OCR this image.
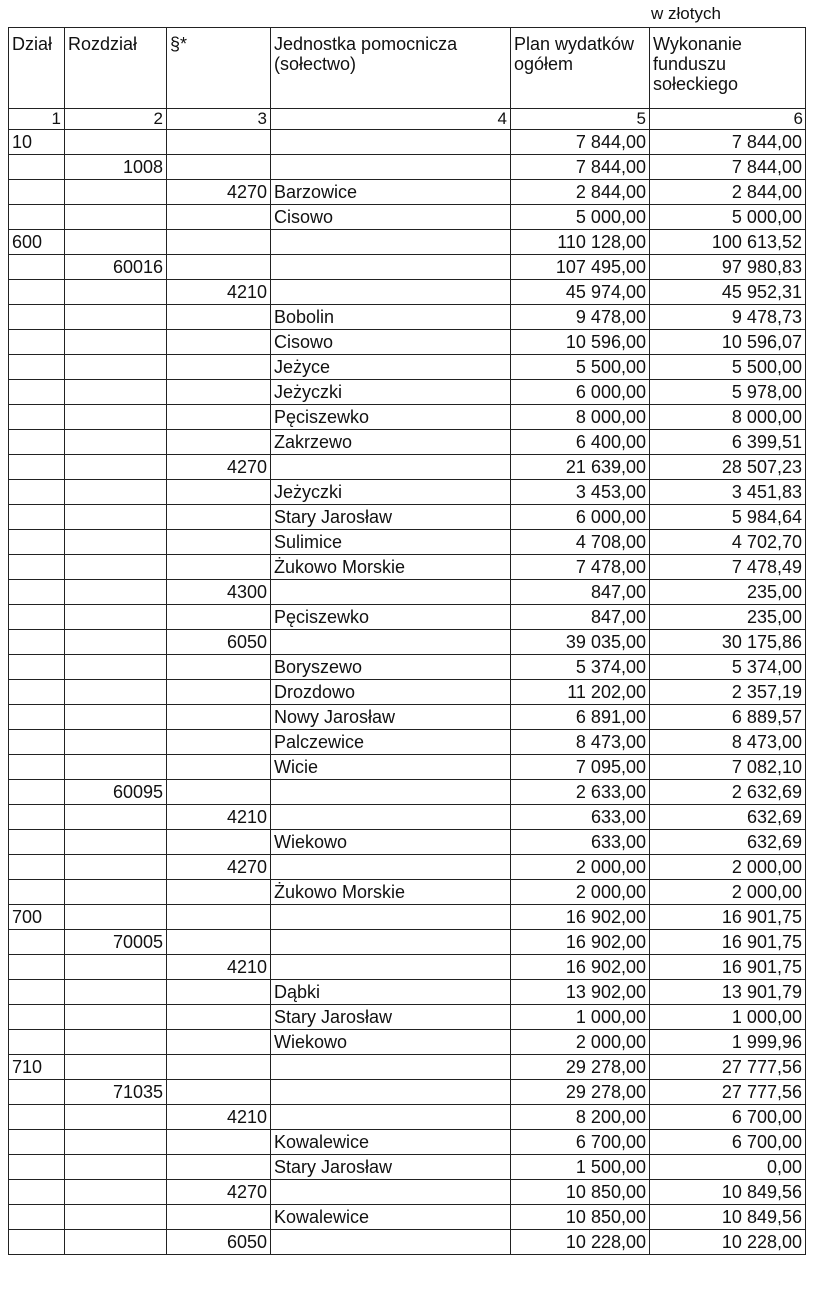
w złotych
Dział	Rozdział	§*	Jednostka pomocnicza (sołectwo)	Plan wydatków ogółem	Wykonanie funduszu sołeckiego
1	2	3	4	5	6
10				7 844,00	7 844,00
	1008			7 844,00	7 844,00
		4270	Barzowice	2 844,00	2 844,00
			Cisowo	5 000,00	5 000,00
600				110 128,00	100 613,52
	60016			107 495,00	97 980,83
		4210		45 974,00	45 952,31
			Bobolin	9 478,00	9 478,73
			Cisowo	10 596,00	10 596,07
			Jeżyce	5 500,00	5 500,00
			Jeżyczki	6 000,00	5 978,00
			Pęciszewko	8 000,00	8 000,00
			Zakrzewo	6 400,00	6 399,51
		4270		21 639,00	28 507,23
			Jeżyczki	3 453,00	3 451,83
			Stary Jarosław	6 000,00	5 984,64
			Sulimice	4 708,00	4 702,70
			Żukowo Morskie	7 478,00	7 478,49
		4300		847,00	235,00
			Pęciszewko	847,00	235,00
		6050		39 035,00	30 175,86
			Boryszewo	5 374,00	5 374,00
			Drozdowo	11 202,00	2 357,19
			Nowy Jarosław	6 891,00	6 889,57
			Palczewice	8 473,00	8 473,00
			Wicie	7 095,00	7 082,10
	60095			2 633,00	2 632,69
		4210		633,00	632,69
			Wiekowo	633,00	632,69
		4270		2 000,00	2 000,00
			Żukowo Morskie	2 000,00	2 000,00
700				16 902,00	16 901,75
	70005			16 902,00	16 901,75
		4210		16 902,00	16 901,75
			Dąbki	13 902,00	13 901,79
			Stary Jarosław	1 000,00	1 000,00
			Wiekowo	2 000,00	1 999,96
710				29 278,00	27 777,56
	71035			29 278,00	27 777,56
		4210		8 200,00	6 700,00
			Kowalewice	6 700,00	6 700,00
			Stary Jarosław	1 500,00	0,00
		4270		10 850,00	10 849,56
			Kowalewice	10 850,00	10 849,56
		6050		10 228,00	10 228,00
